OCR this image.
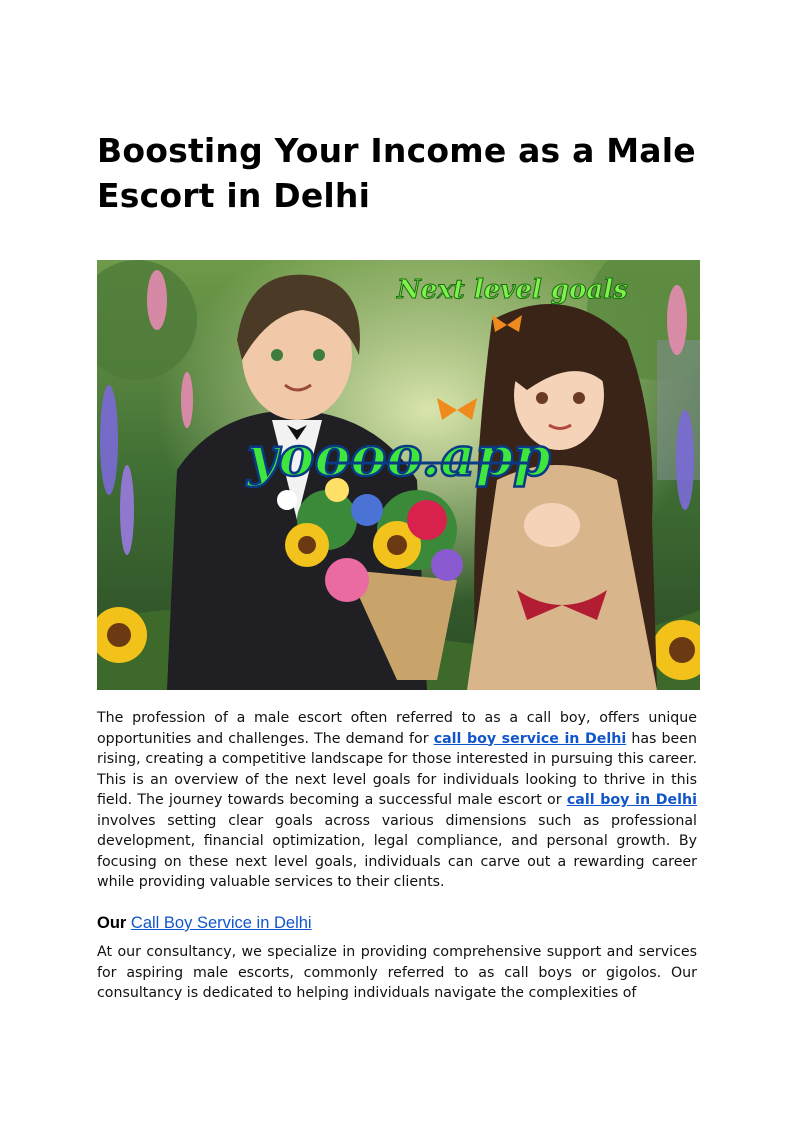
Boosting Your Income as a Male Escort in Delhi
Next level goals
yoooo.app

The profession of a male escort often referred to as a call boy, offers unique opportunities and challenges. The demand for call boy service in Delhi has been rising, creating a competitive landscape for those interested in pursuing this career. This is an overview of the next level goals for individuals looking to thrive in this field. The journey towards becoming a successful male escort or call boy in Delhi involves setting clear goals across various dimensions such as professional development, financial optimization, legal compliance, and personal growth. By focusing on these next level goals, individuals can carve out a rewarding career while providing valuable services to their clients.

Our Call Boy Service in Delhi

At our consultancy, we specialize in providing comprehensive support and services for aspiring male escorts, commonly referred to as call boys or gigolos. Our consultancy is dedicated to helping individuals navigate the complexities of
